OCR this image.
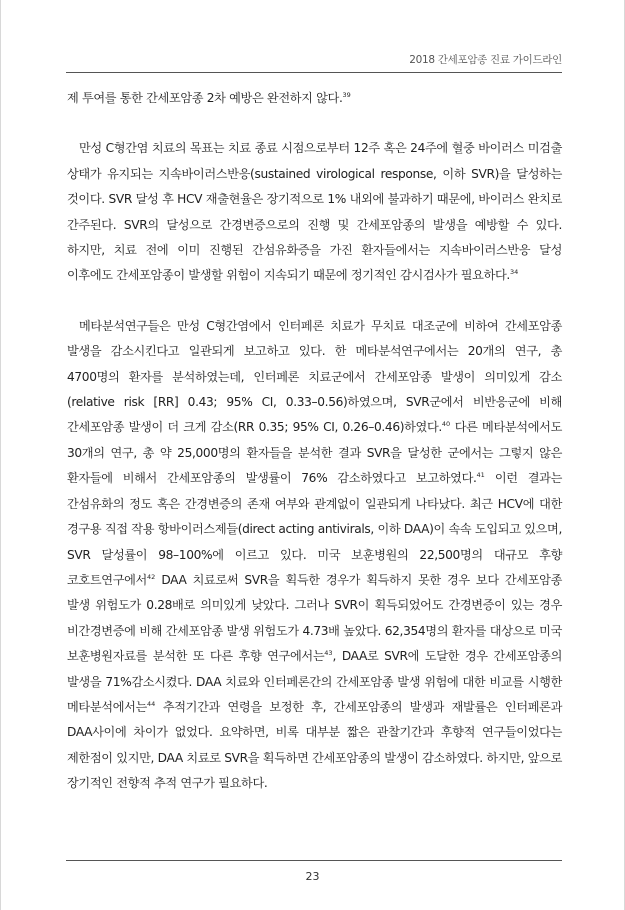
2018 간세포암종 진료 가이드라인

제 투여를 통한 간세포암종 2차 예방은 완전하지 않다.$^{39}$

만성 C형간염 치료의 목표는 치료 종료 시점으로부터 12주 혹은 24주에 혈중 바이러스 미검출 상태가 유지되는 지속바이러스반응(sustained virological response, 이하 SVR)을 달성하는 것이다. SVR 달성 후 HCV 재출현율은 장기적으로 1% 내외에 불과하기 때문에, 바이러스 완치로 간주된다. SVR의 달성으로 간경변증으로의 진행 및 간세포암종의 발생을 예방할 수 있다. 하지만, 치료 전에 이미 진행된 간섬유화증을 가진 환자들에서는 지속바이러스반응 달성 이후에도 간세포암종이 발생할 위험이 지속되기 때문에 정기적인 감시검사가 필요하다.$^{34}$

메타분석연구들은 만성 C형간염에서 인터페론 치료가 무치료 대조군에 비하여 간세포암종 발생을 감소시킨다고 일관되게 보고하고 있다. 한 메타분석연구에서는 20개의 연구, 총 4700명의 환자를 분석하였는데, 인터페론 치료군에서 간세포암종 발생이 의미있게 감소(relative risk [RR] 0.43; 95% CI, 0.33–0.56)하였으며, SVR군에서 비반응군에 비해 간세포암종 발생이 더 크게 감소(RR 0.35; 95% CI, 0.26–0.46)하였다.$^{40}$ 다른 메타분석에서도 30개의 연구, 총 약 25,000명의 환자들을 분석한 결과 SVR을 달성한 군에서는 그렇지 않은 환자들에 비해서 간세포암종의 발생률이 76% 감소하였다고 보고하였다.$^{41}$ 이런 결과는 간섬유화의 정도 혹은 간경변증의 존재 여부와 관계없이 일관되게 나타났다. 최근 HCV에 대한 경구용 직접 작용 항바이러스제들(direct acting antivirals, 이하 DAA)이 속속 도입되고 있으며, SVR 달성률이 98–100%에 이르고 있다. 미국 보훈병원의 22,500명의 대규모 후향 코호트연구에서$^{42}$ DAA 치료로써 SVR을 획득한 경우가 획득하지 못한 경우 보다 간세포암종 발생 위험도가 0.28배로 의미있게 낮았다. 그러나 SVR이 획득되었어도 간경변증이 있는 경우 비간경변증에 비해 간세포암종 발생 위험도가 4.73배 높았다. 62,354명의 환자를 대상으로 미국 보훈병원자료를 분석한 또 다른 후향 연구에서는$^{43}$, DAA로 SVR에 도달한 경우 간세포암종의 발생을 71%감소시켰다. DAA 치료와 인터페론간의 간세포암종 발생 위험에 대한 비교를 시행한 메타분석에서는$^{44}$ 추적기간과 연령을 보정한 후, 간세포암종의 발생과 재발률은 인터페론과 DAA사이에 차이가 없었다. 요약하면, 비록 대부분 짧은 관찰기간과 후향적 연구들이었다는 제한점이 있지만, DAA 치료로 SVR을 획득하면 간세포암종의 발생이 감소하였다. 하지만, 앞으로 장기적인 전향적 추적 연구가 필요하다.

23
